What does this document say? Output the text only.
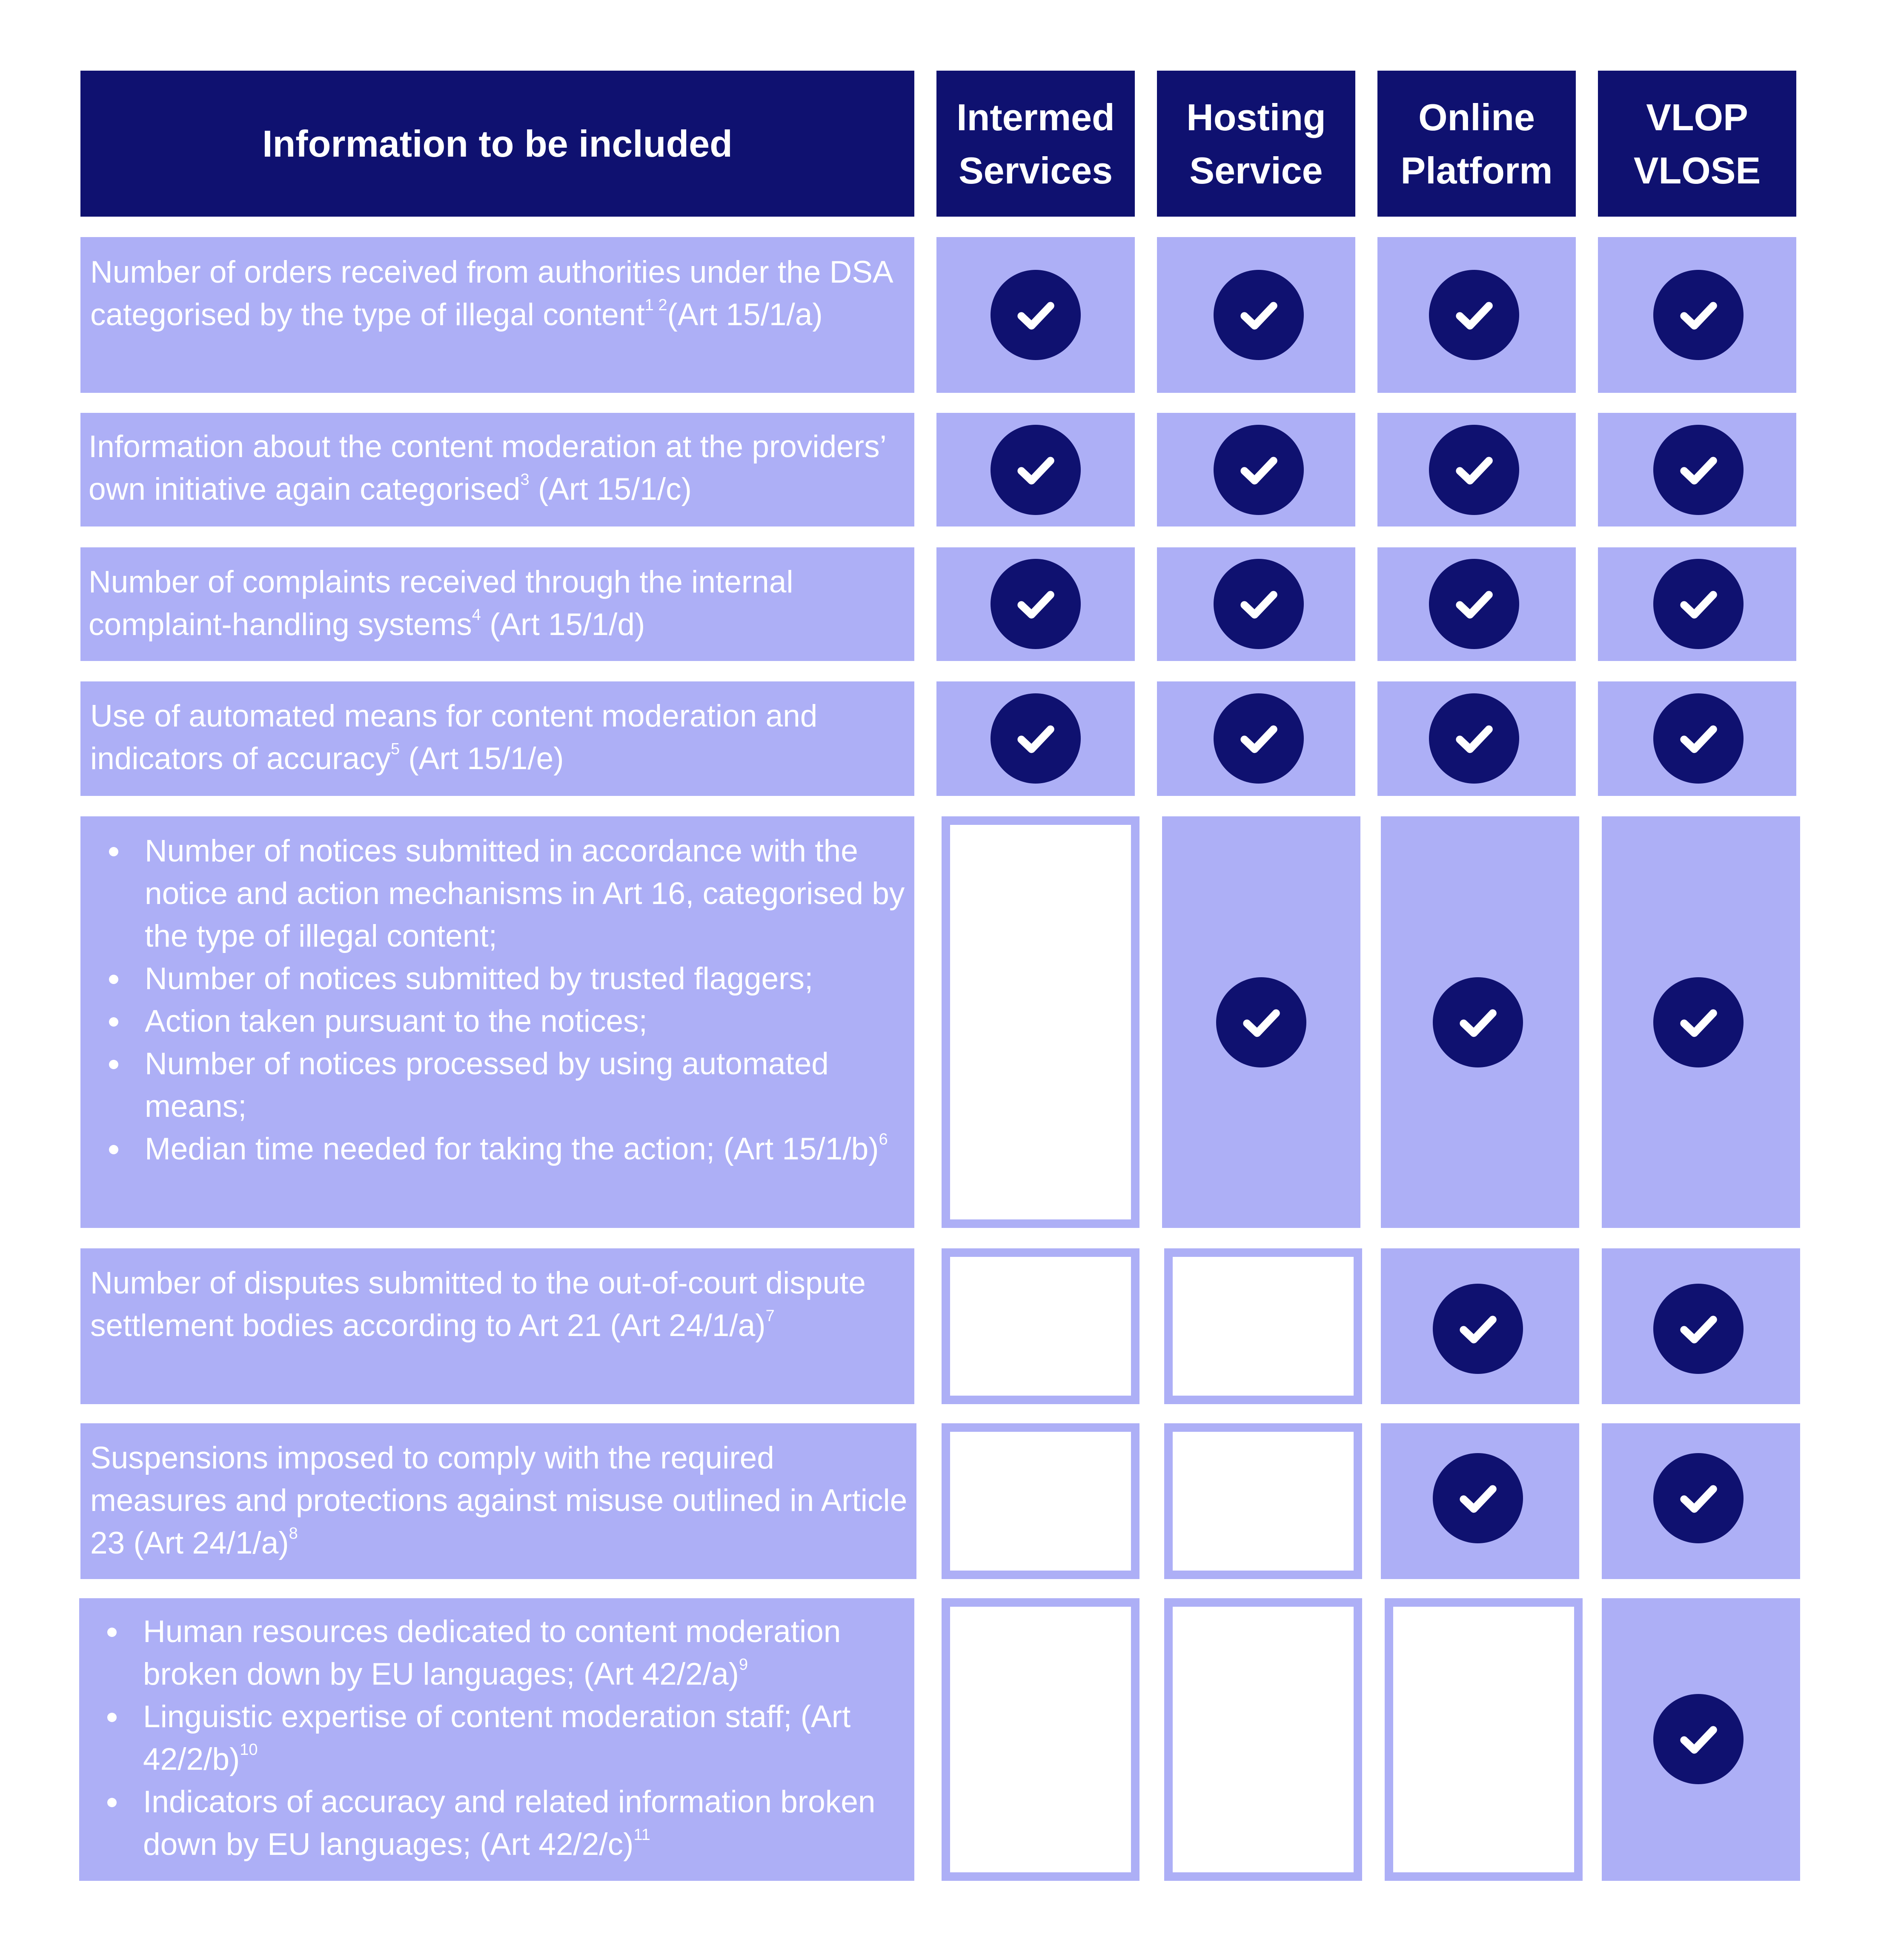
Information to be included
Intermed
Services
Hosting
Service
Online
Platform
VLOP
VLOSE
Number of orders received from authorities under the DSA categorised by the type of illegal content$^{1 2}$(Art 15/1/a)
Information about the content moderation at the providers’ own initiative again categorised$^3$ (Art 15/1/c)
Number of complaints received through the internal complaint-handling systems$^4$ (Art 15/1/d)
Use of automated means for content moderation and indicators of accuracy$^5$ (Art 15/1/e)
Number of notices submitted in accordance with the notice and action mechanisms in Art 16, categorised by the type of illegal content;
Number of notices submitted by trusted flaggers;
Action taken pursuant to the notices;
Number of notices processed by using automated means;
Median time needed for taking the action; (Art 15/1/b)$^6$
Number of disputes submitted to the out-of-court dispute settlement bodies according to Art 21 (Art 24/1/a)$^7$
Suspensions imposed to comply with the required measures and protections against misuse outlined in Article 23 (Art 24/1/a)$^8$
Human resources dedicated to content moderation broken down by EU languages; (Art 42/2/a)$^9$
Linguistic expertise of content moderation staff; (Art 42/2/b)$^{10}$
Indicators of accuracy and related information broken down by EU languages; (Art 42/2/c)$^{11}$
